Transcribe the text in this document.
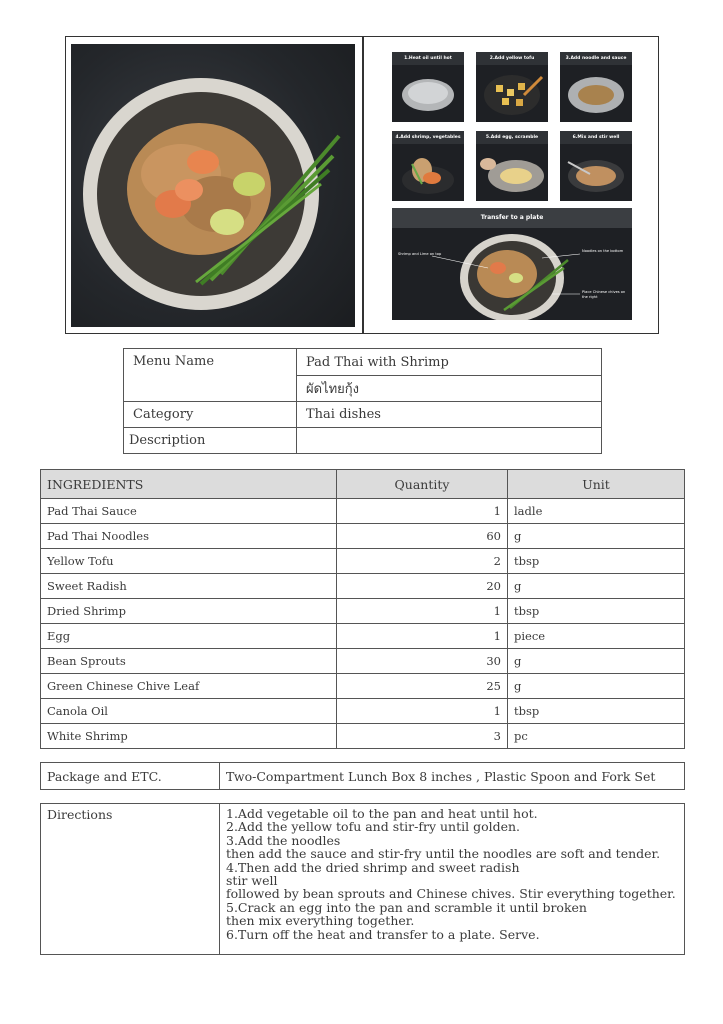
1.Heat oil until hot	2.Add yellow tofu	3.Add noodle and sauce
4.Add shrimp, vegetables	5.Add egg, scramble	6.Mix and stir well
Transfer to a plate
Shrimp and Lime on top
Noodles on the bottom
Place Chinese chives on the right
Menu Name	Pad Thai with Shrimp
	ผัดไทยกุ้ง
Category	Thai dishes
Description	
INGREDIENTS	Quantity	Unit
Pad Thai Sauce	1	ladle
Pad Thai Noodles	60	g
Yellow Tofu	2	tbsp
Sweet Radish	20	g
Dried Shrimp	1	tbsp
Egg	1	piece
Bean Sprouts	30	g
Green Chinese Chive Leaf	25	g
Canola Oil	1	tbsp
White Shrimp	3	pc
Package and ETC.	Two-Compartment Lunch Box 8 inches , Plastic Spoon and Fork Set
Directions	1.Add vegetable oil to the pan and heat until hot.
2.Add the yellow tofu and stir-fry until golden.
3.Add the noodles
then add the sauce and stir-fry until the noodles are soft and tender.
4.Then add the dried shrimp and sweet radish
stir well
followed by bean sprouts and Chinese chives. Stir everything together.
5.Crack an egg into the pan and scramble it until broken
then mix everything together.
6.Turn off the heat and transfer to a plate. Serve.
